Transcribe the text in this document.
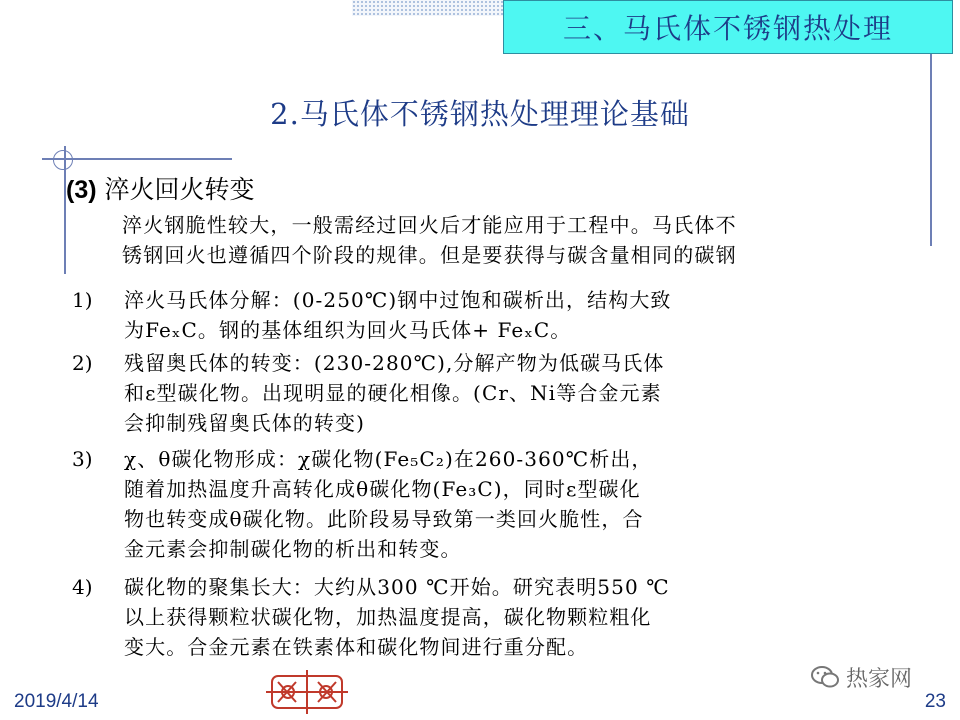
三、马氏体不锈钢热处理
2.马氏体不锈钢热处理理论基础
(3) 淬火回火转变
淬火钢脆性较大，一般需经过回火后才能应用于工程中。马氏体不
锈钢回火也遵循四个阶段的规律。但是要获得与碳含量相同的碳钢
1)	淬火马氏体分解：(0-250℃)钢中过饱和碳析出，结构大致
为FeₓC。钢的基体组织为回火马氏体+ FeₓC。
2)	残留奥氏体的转变：(230-280℃),分解产物为低碳马氏体
和ε型碳化物。出现明显的硬化相像。(Cr、Ni等合金元素
会抑制残留奥氏体的转变)
3)	χ、θ碳化物形成：χ碳化物(Fe₅C₂)在260-360℃析出，
随着加热温度升高转化成θ碳化物(Fe₃C)，同时ε型碳化
物也转变成θ碳化物。此阶段易导致第一类回火脆性，合
金元素会抑制碳化物的析出和转变。
4)	碳化物的聚集长大：大约从300 ℃开始。研究表明550 ℃
以上获得颗粒状碳化物，加热温度提高，碳化物颗粒粗化
变大。合金元素在铁素体和碳化物间进行重分配。
2019/4/14
热家网
23
